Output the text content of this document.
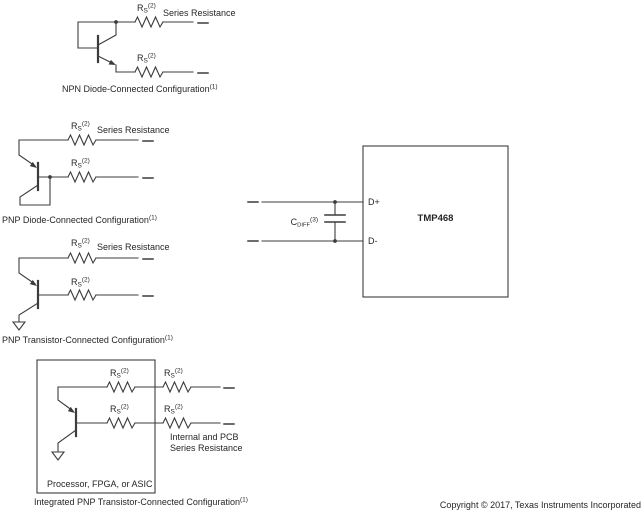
$R_S^{(2)}$
Series Resistance
$R_S^{(2)}$
NPN Diode-Connected Configuration$^{(1)}$
$R_S^{(2)}$
Series Resistance
$R_S^{(2)}$
PNP Diode-Connected Configuration$^{(1)}$
$R_S^{(2)}$
Series Resistance
$R_S^{(2)}$
PNP Transistor-Connected Configuration$^{(1)}$
$R_S^{(2)}$	$R_S^{(2)}$
$R_S^{(2)}$	$R_S^{(2)}$
Internal and PCB
Series Resistance
Processor, FPGA, or ASIC
Integrated PNP Transistor-Connected Configuration$^{(1)}$
D+
D-
TMP468
$C_{DIFF}^{(3)}$
Copyright © 2017, Texas Instruments Incorporated
